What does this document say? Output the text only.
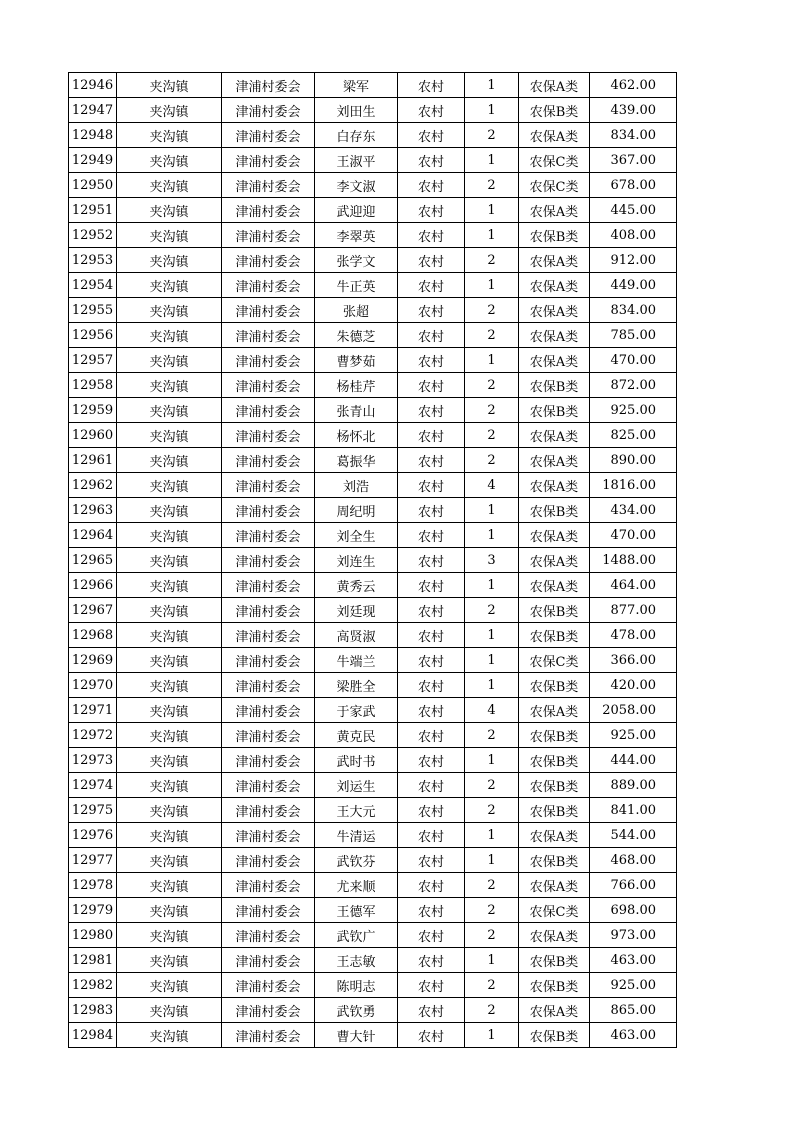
12946	夹沟镇	津浦村委会	梁军	农村	1	农保A类	462.00
12947	夹沟镇	津浦村委会	刘田生	农村	1	农保B类	439.00
12948	夹沟镇	津浦村委会	白存东	农村	2	农保A类	834.00
12949	夹沟镇	津浦村委会	王淑平	农村	1	农保C类	367.00
12950	夹沟镇	津浦村委会	李文淑	农村	2	农保C类	678.00
12951	夹沟镇	津浦村委会	武迎迎	农村	1	农保A类	445.00
12952	夹沟镇	津浦村委会	李翠英	农村	1	农保B类	408.00
12953	夹沟镇	津浦村委会	张学文	农村	2	农保A类	912.00
12954	夹沟镇	津浦村委会	牛正英	农村	1	农保A类	449.00
12955	夹沟镇	津浦村委会	张超	农村	2	农保A类	834.00
12956	夹沟镇	津浦村委会	朱德芝	农村	2	农保A类	785.00
12957	夹沟镇	津浦村委会	曹梦茹	农村	1	农保A类	470.00
12958	夹沟镇	津浦村委会	杨桂芹	农村	2	农保B类	872.00
12959	夹沟镇	津浦村委会	张青山	农村	2	农保B类	925.00
12960	夹沟镇	津浦村委会	杨怀北	农村	2	农保A类	825.00
12961	夹沟镇	津浦村委会	葛振华	农村	2	农保A类	890.00
12962	夹沟镇	津浦村委会	刘浩	农村	4	农保A类	1816.00
12963	夹沟镇	津浦村委会	周纪明	农村	1	农保B类	434.00
12964	夹沟镇	津浦村委会	刘全生	农村	1	农保A类	470.00
12965	夹沟镇	津浦村委会	刘连生	农村	3	农保A类	1488.00
12966	夹沟镇	津浦村委会	黄秀云	农村	1	农保A类	464.00
12967	夹沟镇	津浦村委会	刘廷现	农村	2	农保B类	877.00
12968	夹沟镇	津浦村委会	高贤淑	农村	1	农保B类	478.00
12969	夹沟镇	津浦村委会	牛端兰	农村	1	农保C类	366.00
12970	夹沟镇	津浦村委会	梁胜全	农村	1	农保B类	420.00
12971	夹沟镇	津浦村委会	于家武	农村	4	农保A类	2058.00
12972	夹沟镇	津浦村委会	黄克民	农村	2	农保B类	925.00
12973	夹沟镇	津浦村委会	武时书	农村	1	农保B类	444.00
12974	夹沟镇	津浦村委会	刘运生	农村	2	农保B类	889.00
12975	夹沟镇	津浦村委会	王大元	农村	2	农保B类	841.00
12976	夹沟镇	津浦村委会	牛清运	农村	1	农保A类	544.00
12977	夹沟镇	津浦村委会	武钦芬	农村	1	农保B类	468.00
12978	夹沟镇	津浦村委会	尤来顺	农村	2	农保A类	766.00
12979	夹沟镇	津浦村委会	王德军	农村	2	农保C类	698.00
12980	夹沟镇	津浦村委会	武钦广	农村	2	农保A类	973.00
12981	夹沟镇	津浦村委会	王志敏	农村	1	农保B类	463.00
12982	夹沟镇	津浦村委会	陈明志	农村	2	农保B类	925.00
12983	夹沟镇	津浦村委会	武钦勇	农村	2	农保A类	865.00
12984	夹沟镇	津浦村委会	曹大针	农村	1	农保B类	463.00
